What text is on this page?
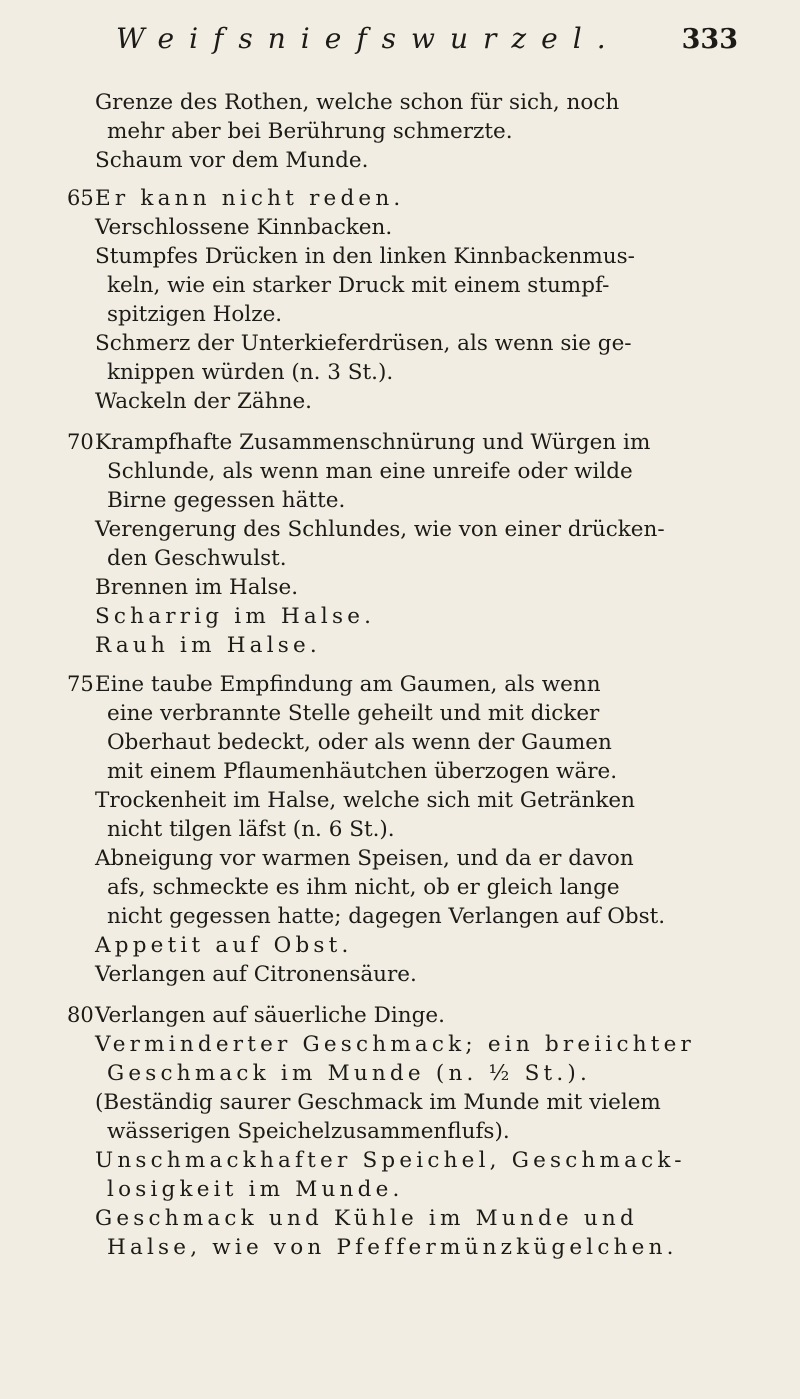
Weifsniefswurzel. 333
Grenze des Rothen, welche schon für sich, noch
mehr aber bei Berührung schmerzte.
Schaum vor dem Munde.
65 Er kann nicht reden.
Verschlossene Kinnbacken.
Stumpfes Drücken in den linken Kinnbackenmus-
keln, wie ein starker Druck mit einem stumpf-
spitzigen Holze.
Schmerz der Unterkieferdrüsen, als wenn sie ge-
knippen würden (n. 3 St.).
Wackeln der Zähne.
70 Krampfhafte Zusammenschnürung und Würgen im
Schlunde, als wenn man eine unreife oder wilde
Birne gegessen hätte.
Verengerung des Schlundes, wie von einer drücken-
den Geschwulst.
Brennen im Halse.
Scharrig im Halse.
Rauh im Halse.
75 Eine taube Empfindung am Gaumen, als wenn
eine verbrannte Stelle geheilt und mit dicker
Oberhaut bedeckt, oder als wenn der Gaumen
mit einem Pflaumenhäutchen überzogen wäre.
Trockenheit im Halse, welche sich mit Getränken
nicht tilgen läfst (n. 6 St.).
Abneigung vor warmen Speisen, und da er davon
afs, schmeckte es ihm nicht, ob er gleich lange
nicht gegessen hatte; dagegen Verlangen auf Obst.
Appetit auf Obst.
Verlangen auf Citronensäure.
80 Verlangen auf säuerliche Dinge.
Verminderter Geschmack; ein breiichter
Geschmack im Munde (n. ½ St.).
(Beständig saurer Geschmack im Munde mit vielem
wässerigen Speichelzusammenflufs).
Unschmackhafter Speichel, Geschmack-
losigkeit im Munde.
Geschmack und Kühle im Munde und
Halse, wie von Pfeffermünzkügelchen.
